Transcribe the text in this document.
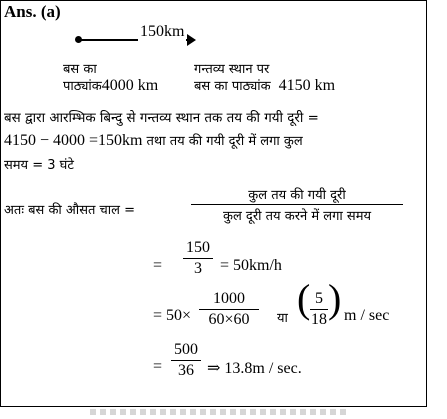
Ans. (a)
150km
बस का
पाठ्यांक4000 km
गन्तव्य स्थान पर
बस का पाठ्यांक 4150 km
बस द्वारा आरम्भिक बिन्दु से गन्तव्य स्थान तक तय की गयी दूरी =
4150 − 4000 =150km तथा तय की गयी दूरी में लगा कुल
समय = 3 घंटे
अतः बस की औसत चाल =
कुल तय की गयी दूरी
कुल दूरी तय करने में लगा समय
=
150
3	= 50km/h
= 50×
1000
60×60	या ( 5
18 ) m / sec
=
500
36 ⇒ 13.8m / sec.
